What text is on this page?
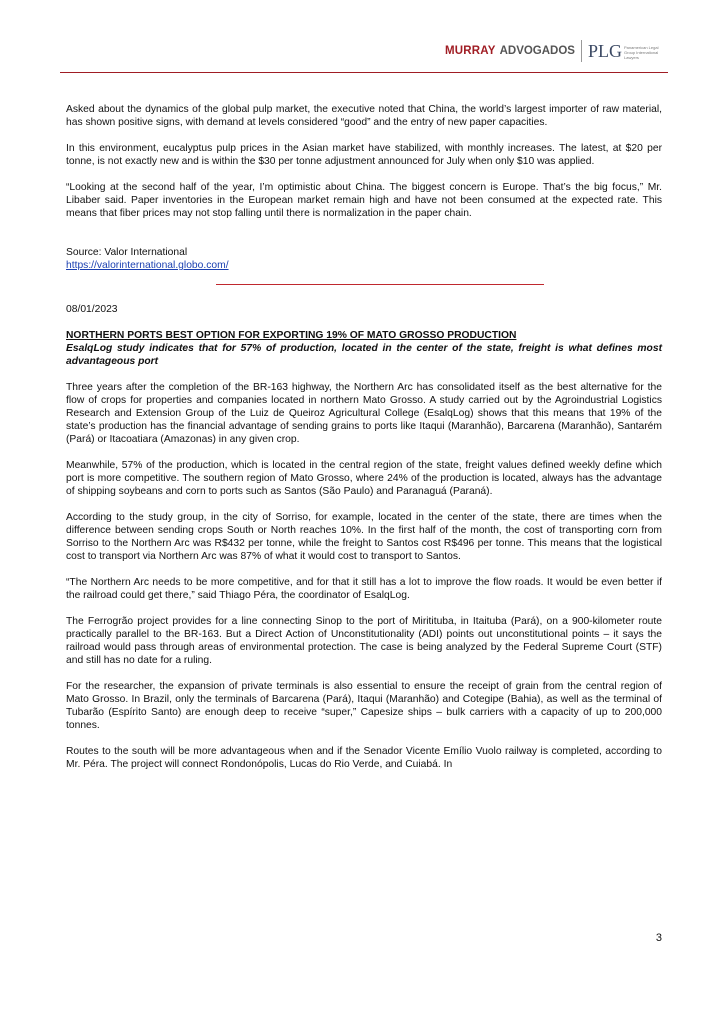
MURRAY ADVOGADOS PLG Panamerican Legal Group International Lawyers

Asked about the dynamics of the global pulp market, the executive noted that China, the world’s largest importer of raw material, has shown positive signs, with demand at levels considered “good” and the entry of new paper capacities.

In this environment, eucalyptus pulp prices in the Asian market have stabilized, with monthly increases. The latest, at $20 per tonne, is not exactly new and is within the $30 per tonne adjustment announced for July when only $10 was applied.

“Looking at the second half of the year, I’m optimistic about China. The biggest concern is Europe. That’s the big focus,” Mr. Libaber said. Paper inventories in the European market remain high and have not been consumed at the expected rate. This means that fiber prices may not stop falling until there is normalization in the paper chain.

Source: Valor International
https://valorinternational.globo.com/

08/01/2023

NORTHERN PORTS BEST OPTION FOR EXPORTING 19% OF MATO GROSSO PRODUCTION

EsalqLog study indicates that for 57% of production, located in the center of the state, freight is what defines most advantageous port

Three years after the completion of the BR-163 highway, the Northern Arc has consolidated itself as the best alternative for the flow of crops for properties and companies located in northern Mato Grosso. A study carried out by the Agroindustrial Logistics Research and Extension Group of the Luiz de Queiroz Agricultural College (EsalqLog) shows that this means that 19% of the state’s production has the financial advantage of sending grains to ports like Itaqui (Maranhão), Barcarena (Maranhão), Santarém (Pará) or Itacoatiara (Amazonas) in any given crop.

Meanwhile, 57% of the production, which is located in the central region of the state, freight values defined weekly define which port is more competitive. The southern region of Mato Grosso, where 24% of the production is located, always has the advantage of shipping soybeans and corn to ports such as Santos (São Paulo) and Paranaguá (Paraná).

According to the study group, in the city of Sorriso, for example, located in the center of the state, there are times when the difference between sending crops South or North reaches 10%. In the first half of the month, the cost of transporting corn from Sorriso to the Northern Arc was R$432 per tonne, while the freight to Santos cost R$496 per tonne. This means that the logistical cost to transport via Northern Arc was 87% of what it would cost to transport to Santos.

“The Northern Arc needs to be more competitive, and for that it still has a lot to improve the flow roads. It would be even better if the railroad could get there,” said Thiago Péra, the coordinator of EsalqLog.

The Ferrogrão project provides for a line connecting Sinop to the port of Miritituba, in Itaituba (Pará), on a 900-kilometer route practically parallel to the BR-163. But a Direct Action of Unconstitutionality (ADI) points out unconstitutional points – it says the railroad would pass through areas of environmental protection. The case is being analyzed by the Federal Supreme Court (STF) and still has no date for a ruling.

For the researcher, the expansion of private terminals is also essential to ensure the receipt of grain from the central region of Mato Grosso. In Brazil, only the terminals of Barcarena (Pará), Itaqui (Maranhão) and Cotegipe (Bahia), as well as the terminal of Tubarão (Espírito Santo) are enough deep to receive “super,” Capesize ships – bulk carriers with a capacity of up to 200,000 tonnes.

Routes to the south will be more advantageous when and if the Senador Vicente Emílio Vuolo railway is completed, according to Mr. Péra. The project will connect Rondonópolis, Lucas do Rio Verde, and Cuiabá. In

3
